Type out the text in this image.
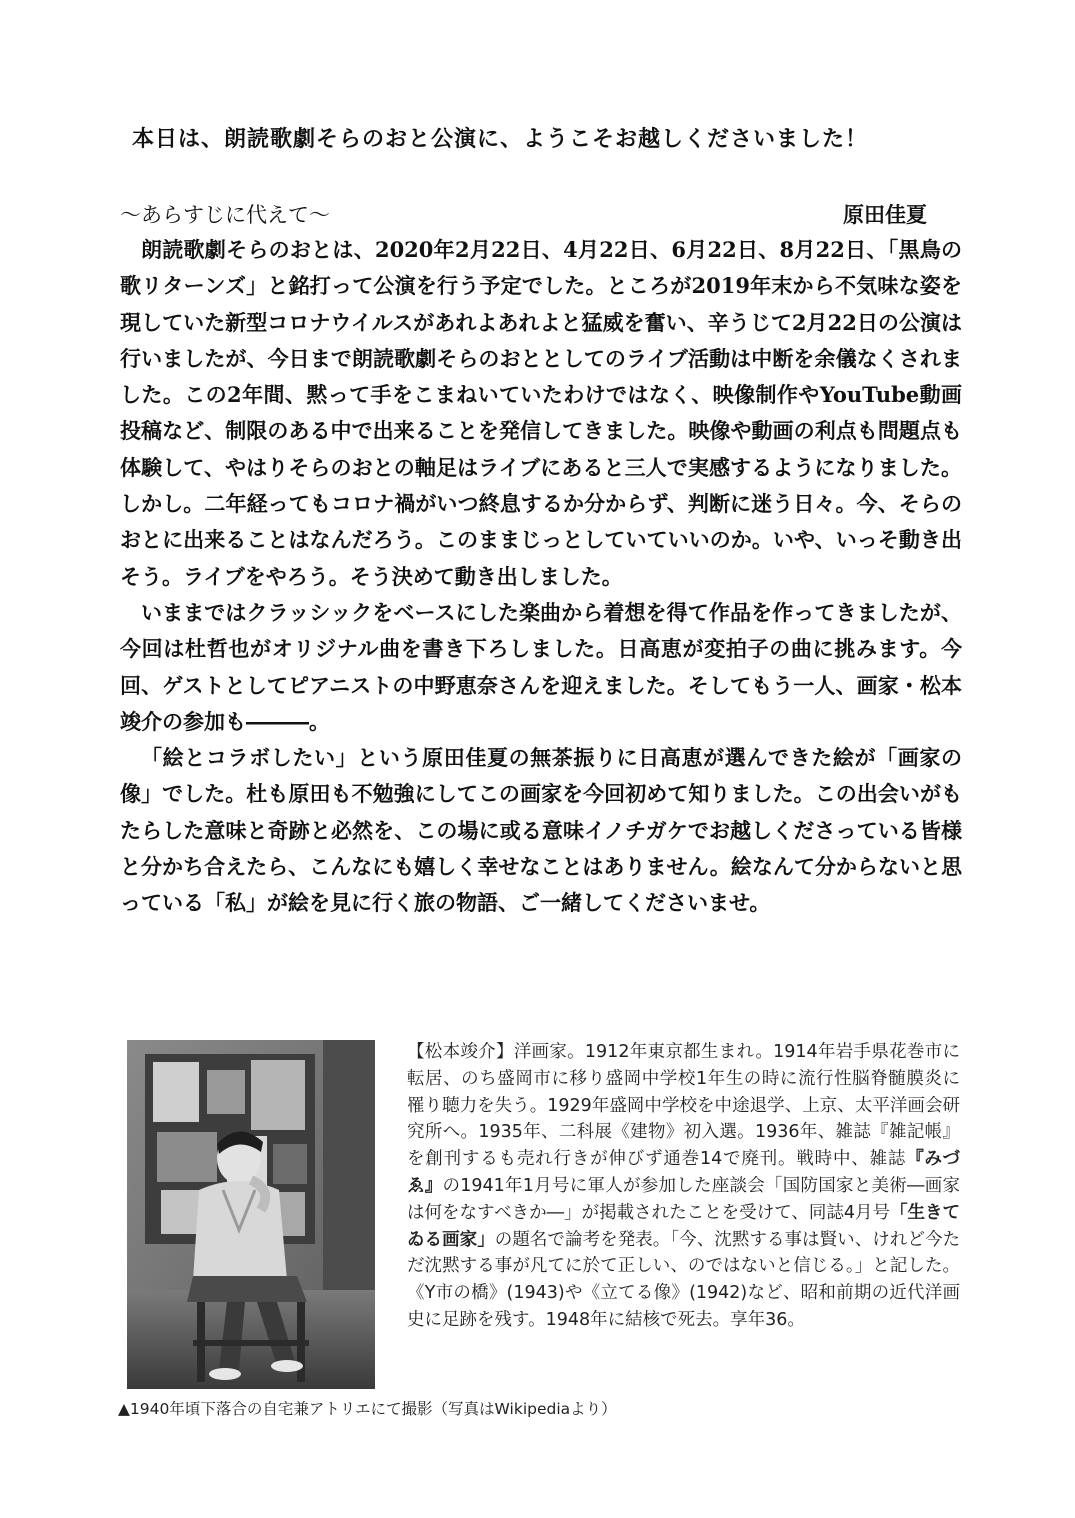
本日は、朗読歌劇そらのおと公演に、ようこそお越しくださいました！
～あらすじに代えて～	原田佳夏

朗読歌劇そらのおとは、2020年2月22日、4月22日、6月22日、8月22日、「黒鳥の歌リターンズ」と銘打って公演を行う予定でした。ところが2019年末から不気味な姿を現していた新型コロナウイルスがあれよあれよと猛威を奮い、辛うじて2月22日の公演は行いましたが、今日まで朗読歌劇そらのおととしてのライブ活動は中断を余儀なくされました。この2年間、黙って手をこまねいていたわけではなく、映像制作やYouTube動画投稿など、制限のある中で出来ることを発信してきました。映像や動画の利点も問題点も体験して、やはりそらのおとの軸足はライブにあると三人で実感するようになりました。しかし。二年経ってもコロナ禍がいつ終息するか分からず、判断に迷う日々。今、そらのおとに出来ることはなんだろう。このままじっとしていていいのか。いや、いっそ動き出そう。ライブをやろう。そう決めて動き出しました。

いままではクラッシックをベースにした楽曲から着想を得て作品を作ってきましたが、今回は杜哲也がオリジナル曲を書き下ろしました。日高恵が変拍子の曲に挑みます。今回、ゲストとしてピアニストの中野恵奈さんを迎えました。そしてもう一人、画家・松本竣介の参加も―――。

「絵とコラボしたい」という原田佳夏の無茶振りに日高恵が選んできた絵が「画家の像」でした。杜も原田も不勉強にしてこの画家を今回初めて知りました。この出会いがもたらした意味と奇跡と必然を、この場に或る意味イノチガケでお越しくださっている皆様と分かち合えたら、こんなにも嬉しく幸せなことはありません。絵なんて分からないと思っている「私」が絵を見に行く旅の物語、ご一緒してくださいませ。

【松本竣介】洋画家。1912年東京都生まれ。1914年岩手県花巻市に転居、のち盛岡市に移り盛岡中学校1年生の時に流行性脳脊髄膜炎に罹り聴力を失う。1929年盛岡中学校を中途退学、上京、太平洋画会研究所へ。1935年、二科展《建物》初入選。1936年、雑誌『雑記帳』を創刊するも売れ行きが伸びず通巻14で廃刊。戦時中、雑誌『みづゑ』の1941年1月号に軍人が参加した座談会「国防国家と美術―画家は何をなすべきか―」が掲載されたことを受けて、同誌4月号「生きてゐる画家」の題名で論考を発表。「今、沈黙する事は賢い、けれど今ただ沈黙する事が凡てに於て正しい、のではないと信じる。」と記した。《Y市の橋》(1943)や《立てる像》(1942)など、昭和前期の近代洋画史に足跡を残す。1948年に結核で死去。享年36。
▲1940年頃下落合の自宅兼アトリエにて撮影（写真はWikipediaより）
